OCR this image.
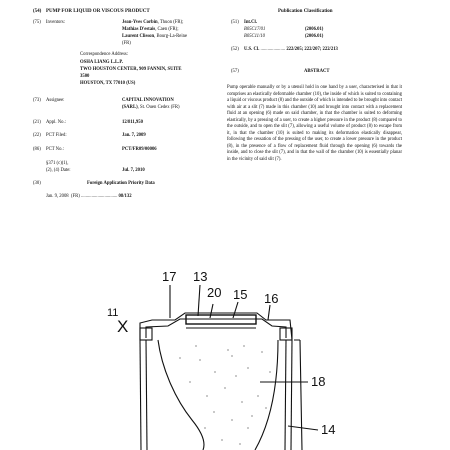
(54) PUMP FOR LIQUID OR VISCOUS PRODUCT	Publication Classification
(75) Inventors:	Jean-Yves Corbin, Thuon (FR);
Mathias D'estais, Caen (FR);
Laurent Clisson, Bourg-La-Reine
(FR)
Correspondence Address:
OSHA LIANG L.L.P.
TWO HOUSTON CENTER, 909 FANNIN, SUITE
3500
HOUSTON, TX 77010 (US)
(73) Assignee:	CAPITAL INNOVATION
(SARL), St. Ouen Cedex (FR)
(21) Appl. No.:	12/811,950
(22) PCT Filed:	Jan. 7, 2009
(86) PCT No.:	PCT/FR09/00006
§371 (c)(1),
(2), (4) Date:	Jul. 7, 2010
(30)	Foreign Application Priority Data
Jan. 9, 2008 (FR) ............................... 08/132
(51) Int.Cl.
B05C17/01	(2006.01)
B05C11/10	(2006.01)
(52) U.S. Cl. ..................... 222/205; 222/207; 222/213
(57)	ABSTRACT
Pump operable manually or by a utensil hold in one hand by a user, characterised in that it comprises an elastically deformable chamber (10), the inside of which is suited to containing a liquid or viscous product (8) and the outside of which is intended to be brought into contact with air at a slit (7) made in this chamber (10) and brought into contact with a replacement fluid at an opening (6) made on said chamber, in that the chamber is suited to deforming elastically, by a pressing of a user, to create a higher pressure in the product (8) compared to the outside, and to open the slit (7), allowing a useful volume of product (8) to escape from it, in that the chamber (10) is suited to making its deformation elastically disappear, following the cessation of the pressing of the user, to create a lower pressure in the product (8), in the presence of a flow of replacement fluid through the opening (6) towards the inside, and to close the slit (7), and in that the wall of the chamber (10) is essentially planar in the vicinity of said slit (7).
17 13
20 15 16
11
X
18
14
